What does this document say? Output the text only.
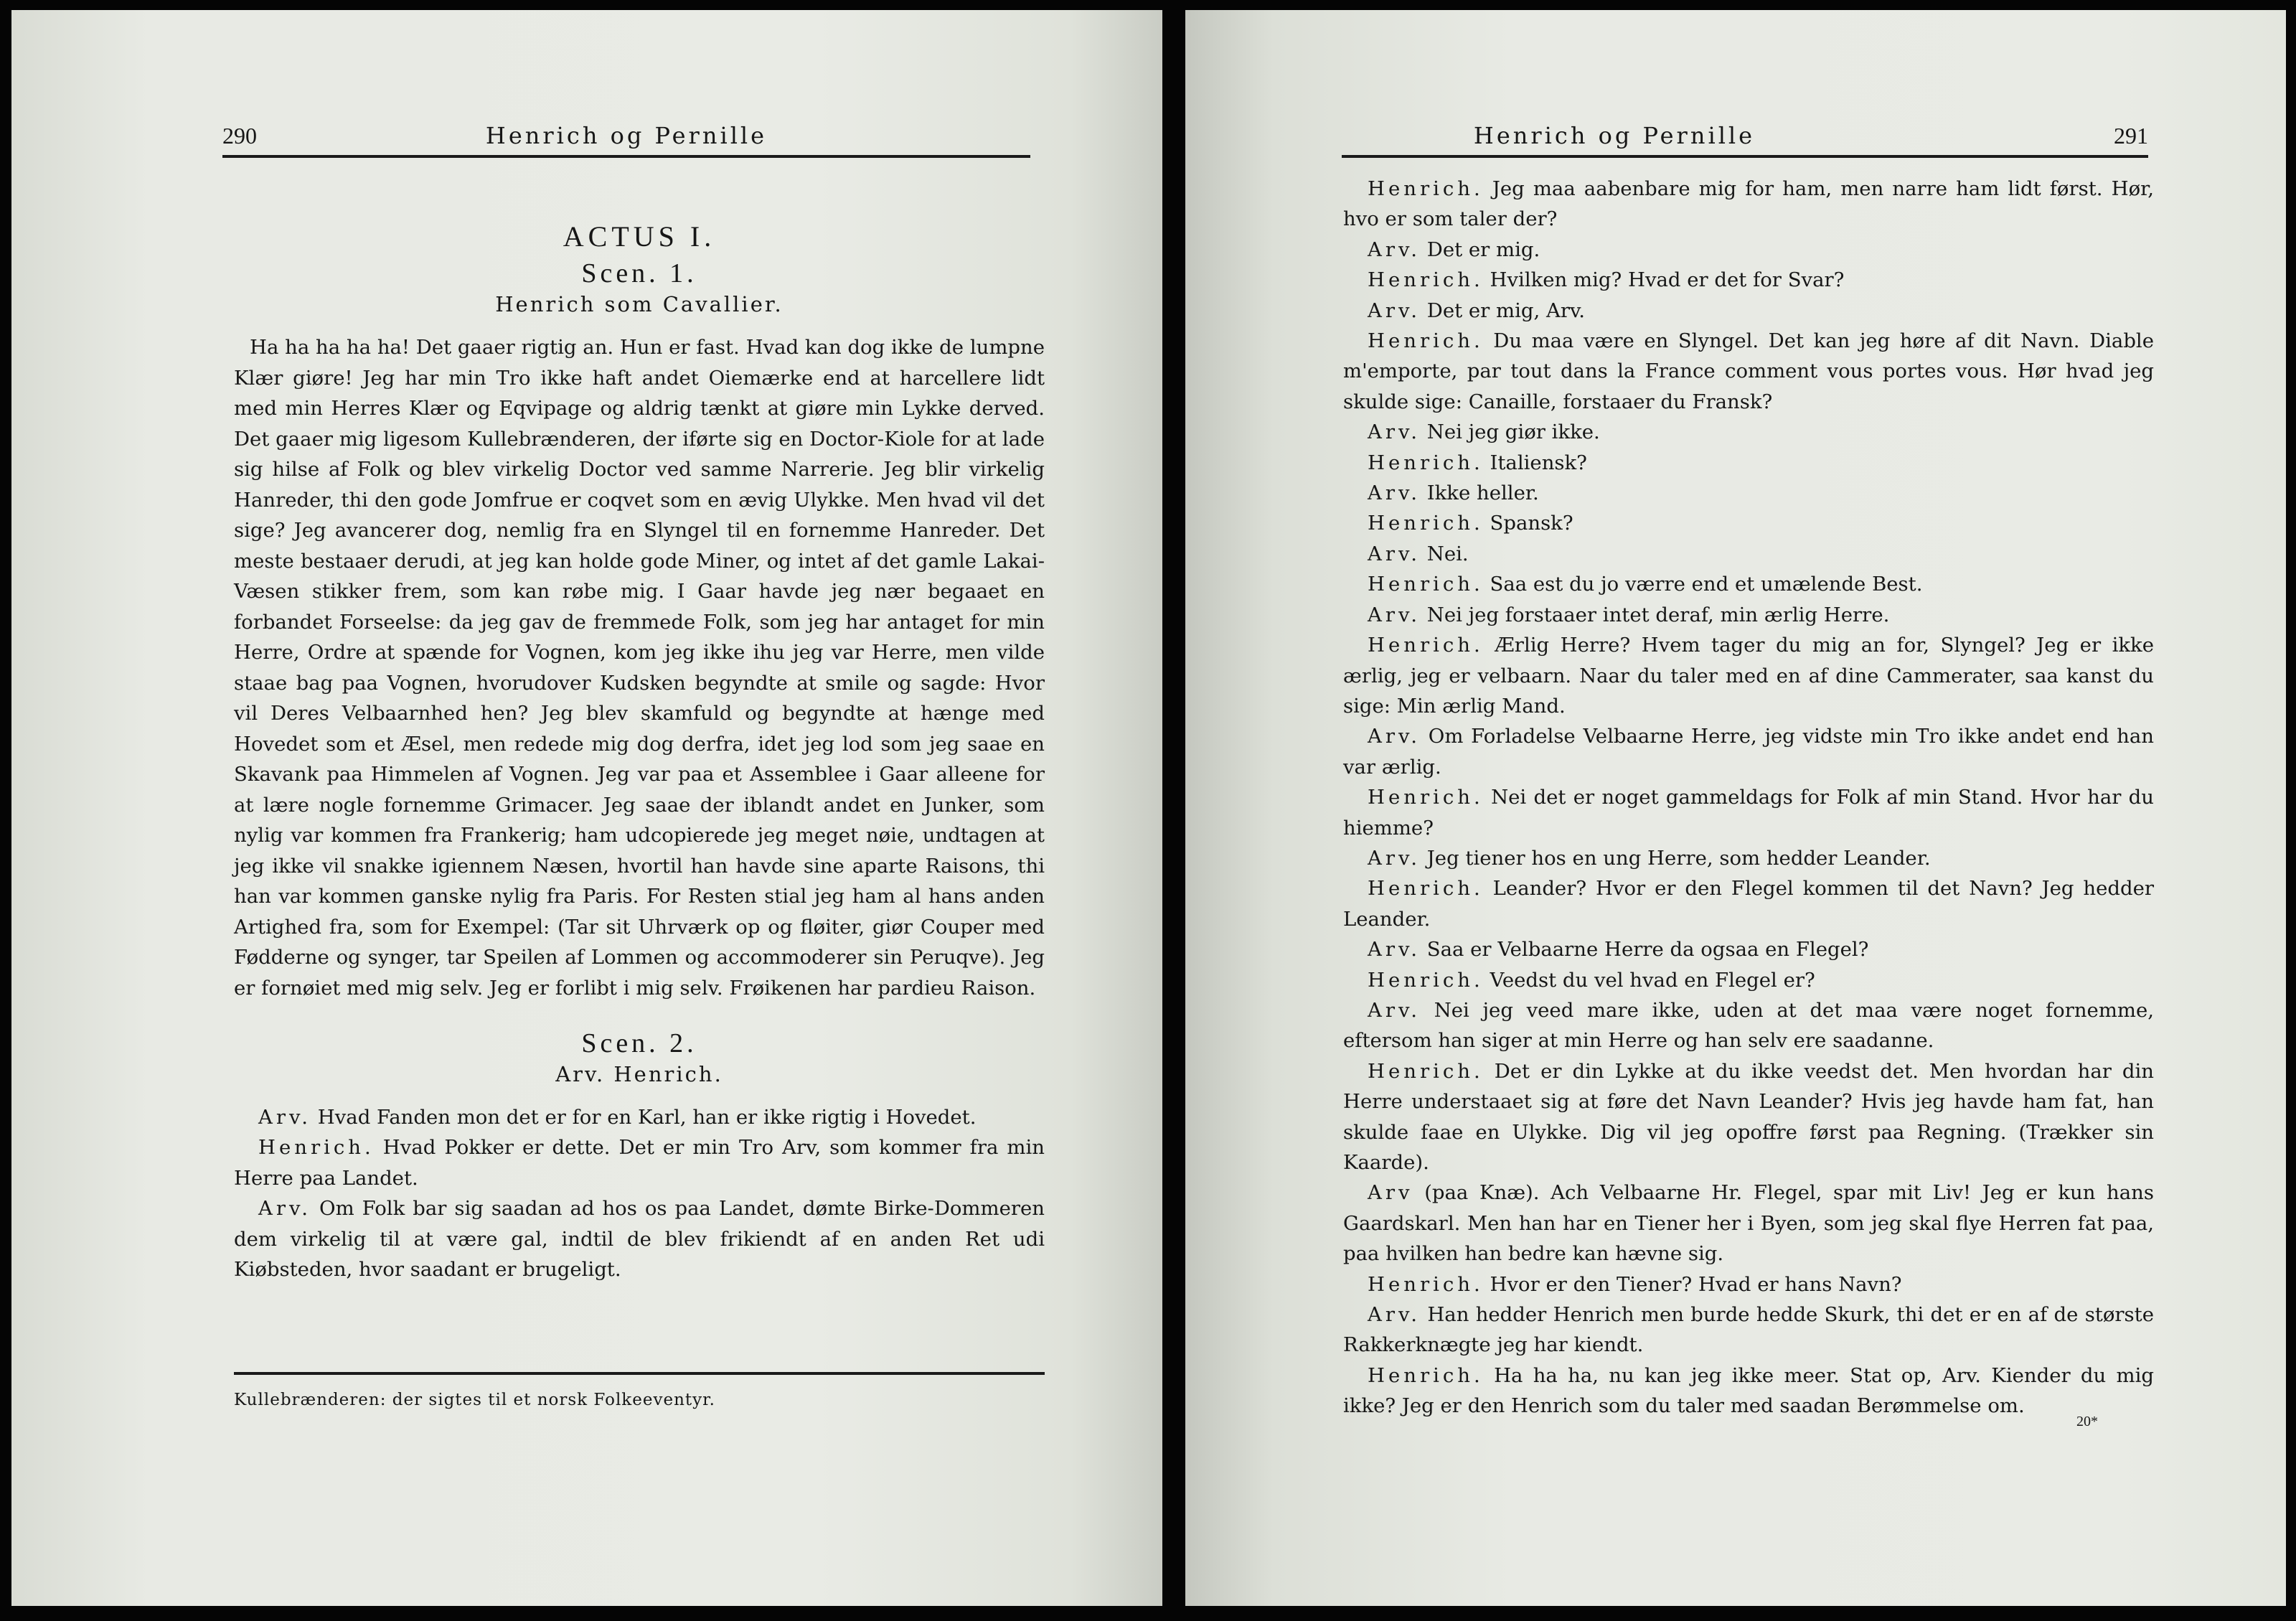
290	Henrich og Pernille
ACTUS I.
Scen. 1.
Henrich som Cavallier.

Ha ha ha ha ha! Det gaaer rigtig an. Hun er fast. Hvad kan dog ikke de lumpne Klær giøre! Jeg har min Tro ikke haft andet Oiemærke end at harcellere lidt med min Herres Klær og Eqvipage og aldrig tænkt at giøre min Lykke derved. Det gaaer mig ligesom Kullebrænderen, der iførte sig en Doctor-Kiole for at lade sig hilse af Folk og blev virkelig Doctor ved samme Narrerie. Jeg blir virkelig Hanreder, thi den gode Jomfrue er coqvet som en ævig Ulykke. Men hvad vil det sige? Jeg avancerer dog, nemlig fra en Slyngel til en fornemme Hanreder. Det meste bestaaer derudi, at jeg kan holde gode Miner, og intet af det gamle Lakai-Væsen stikker frem, som kan røbe mig. I Gaar havde jeg nær begaaet en forbandet Forseelse: da jeg gav de fremmede Folk, som jeg har antaget for min Herre, Ordre at spænde for Vognen, kom jeg ikke ihu jeg var Herre, men vilde staae bag paa Vognen, hvorudover Kudsken begyndte at smile og sagde: Hvor vil Deres Velbaarnhed hen? Jeg blev skamfuld og begyndte at hænge med Hovedet som et Æsel, men redede mig dog derfra, idet jeg lod som jeg saae en Skavank paa Himmelen af Vognen. Jeg var paa et Assemblee i Gaar alleene for at lære nogle fornemme Grimacer. Jeg saae der iblandt andet en Junker, som nylig var kommen fra Frankerig; ham udcopierede jeg meget nøie, undtagen at jeg ikke vil snakke igiennem Næsen, hvortil han havde sine aparte Raisons, thi han var kommen ganske nylig fra Paris. For Resten stial jeg ham al hans anden Artighed fra, som for Exempel: (Tar sit Uhrværk op og fløiter, giør Couper med Fødderne og synger, tar Speilen af Lommen og accommoderer sin Peruqve). Jeg er fornøiet med mig selv. Jeg er forlibt i mig selv. Frøikenen har pardieu Raison.

Scen. 2.
Arv. Henrich.

Arv. Hvad Fanden mon det er for en Karl, han er ikke rigtig i Hovedet.

Henrich. Hvad Pokker er dette. Det er min Tro Arv, som kommer fra min Herre paa Landet.

Arv. Om Folk bar sig saadan ad hos os paa Landet, dømte Birke-Dommeren dem virkelig til at være gal, indtil de blev frikiendt af en anden Ret udi Kiøbsteden, hvor saadant er brugeligt.

Kullebrænderen: der sigtes til et norsk Folkeeventyr.
Henrich og Pernille	291

Henrich. Jeg maa aabenbare mig for ham, men narre ham lidt først. Hør, hvo er som taler der?

Arv. Det er mig.

Henrich. Hvilken mig? Hvad er det for Svar?

Arv. Det er mig, Arv.

Henrich. Du maa være en Slyngel. Det kan jeg høre af dit Navn. Diable m'emporte, par tout dans la France comment vous portes vous. Hør hvad jeg skulde sige: Canaille, forstaaer du Fransk?

Arv. Nei jeg giør ikke.

Henrich. Italiensk?

Arv. Ikke heller.

Henrich. Spansk?

Arv. Nei.

Henrich. Saa est du jo værre end et umælende Best.

Arv. Nei jeg forstaaer intet deraf, min ærlig Herre.

Henrich. Ærlig Herre? Hvem tager du mig an for, Slyngel? Jeg er ikke ærlig, jeg er velbaarn. Naar du taler med en af dine Cammerater, saa kanst du sige: Min ærlig Mand.

Arv. Om Forladelse Velbaarne Herre, jeg vidste min Tro ikke andet end han var ærlig.

Henrich. Nei det er noget gammeldags for Folk af min Stand. Hvor har du hiemme?

Arv. Jeg tiener hos en ung Herre, som hedder Leander.

Henrich. Leander? Hvor er den Flegel kommen til det Navn? Jeg hedder Leander.

Arv. Saa er Velbaarne Herre da ogsaa en Flegel?

Henrich. Veedst du vel hvad en Flegel er?

Arv. Nei jeg veed mare ikke, uden at det maa være noget fornemme, eftersom han siger at min Herre og han selv ere saadanne.

Henrich. Det er din Lykke at du ikke veedst det. Men hvordan har din Herre understaaet sig at føre det Navn Leander? Hvis jeg havde ham fat, han skulde faae en Ulykke. Dig vil jeg opoffre først paa Regning. (Trækker sin Kaarde).

Arv (paa Knæ). Ach Velbaarne Hr. Flegel, spar mit Liv! Jeg er kun hans Gaardskarl. Men han har en Tiener her i Byen, som jeg skal flye Herren fat paa, paa hvilken han bedre kan hævne sig.

Henrich. Hvor er den Tiener? Hvad er hans Navn?

Arv. Han hedder Henrich men burde hedde Skurk, thi det er en af de største Rakkerknægte jeg har kiendt.

Henrich. Ha ha ha, nu kan jeg ikke meer. Stat op, Arv. Kiender du mig ikke? Jeg er den Henrich som du taler med saadan Berømmelse om.

20*
